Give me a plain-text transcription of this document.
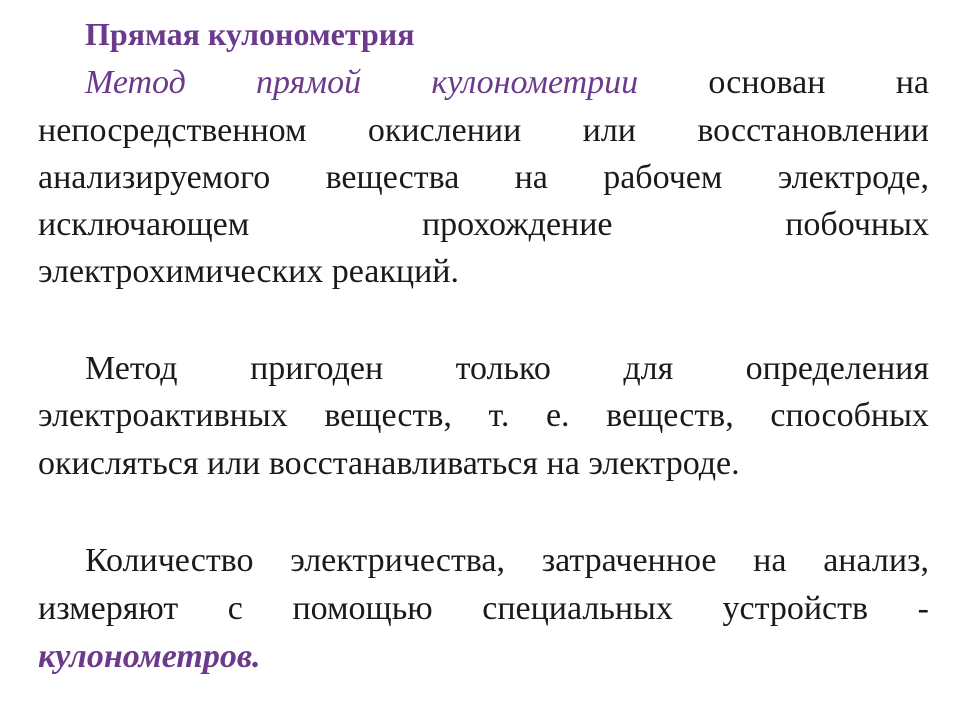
Прямая кулонометрия
Метод прямой кулонометрии основан на
непосредственном окислении или восстановлении
анализируемого вещества на рабочем электроде,
исключающем	прохождение	побочных
электрохимических реакций.
Метод пригоден только для определения
электроактивных веществ, т. е. веществ, способных
окисляться или восстанавливаться на электроде.
Количество электричества, затраченное на анализ,
измеряют с помощью специальных устройств -
кулонометров.
